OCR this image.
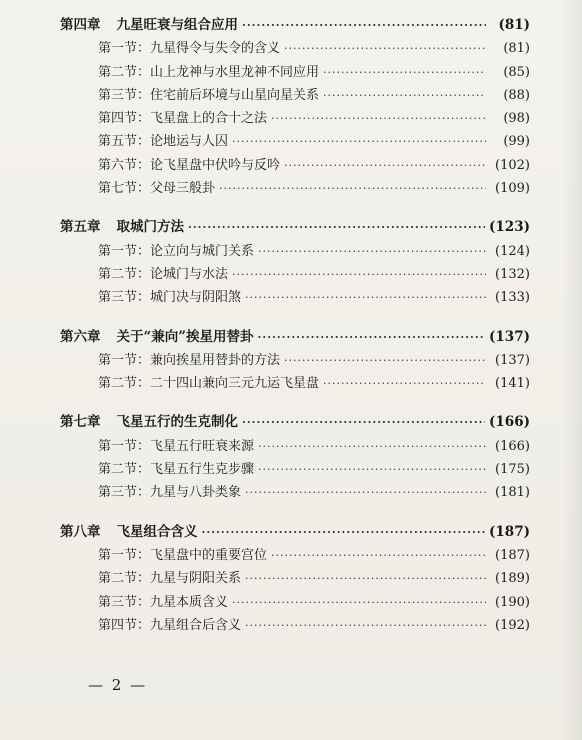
第四章 九星旺衰与组合应用 ·····	(81)
第一节：九星得令与失令的含义 ·····	(81)
第二节：山上龙神与水里龙神不同应用 ·····	(85)
第三节：住宅前后环境与山星向星关系 ·····	(88)
第四节：飞星盘上的合十之法 ·····	(98)
第五节：论地运与人囚 ·····	(99)
第六节：论飞星盘中伏吟与反吟 ·····	(102)
第七节：父母三般卦 ·····	(109)
第五章 取城门方法 ·····	(123)
第一节：论立向与城门关系 ·····	(124)
第二节：论城门与水法 ·····	(132)
第三节：城门决与阴阳煞 ·····	(133)
第六章 关于“兼向”挨星用替卦 ·····	(137)
第一节：兼向挨星用替卦的方法 ·····	(137)
第二节：二十四山兼向三元九运飞星盘 ·····	(141)
第七章 飞星五行的生克制化 ·····	(166)
第一节：飞星五行旺衰来源 ·····	(166)
第二节：飞星五行生克步骤 ·····	(175)
第三节：九星与八卦类象 ·····	(181)
第八章 飞星组合含义 ·····	(187)
第一节：飞星盘中的重要宫位 ·····	(187)
第二节：九星与阴阳关系 ·····	(189)
第三节：九星本质含义 ·····	(190)
第四节：九星组合后含义 ·····	(192)
— 2 —
